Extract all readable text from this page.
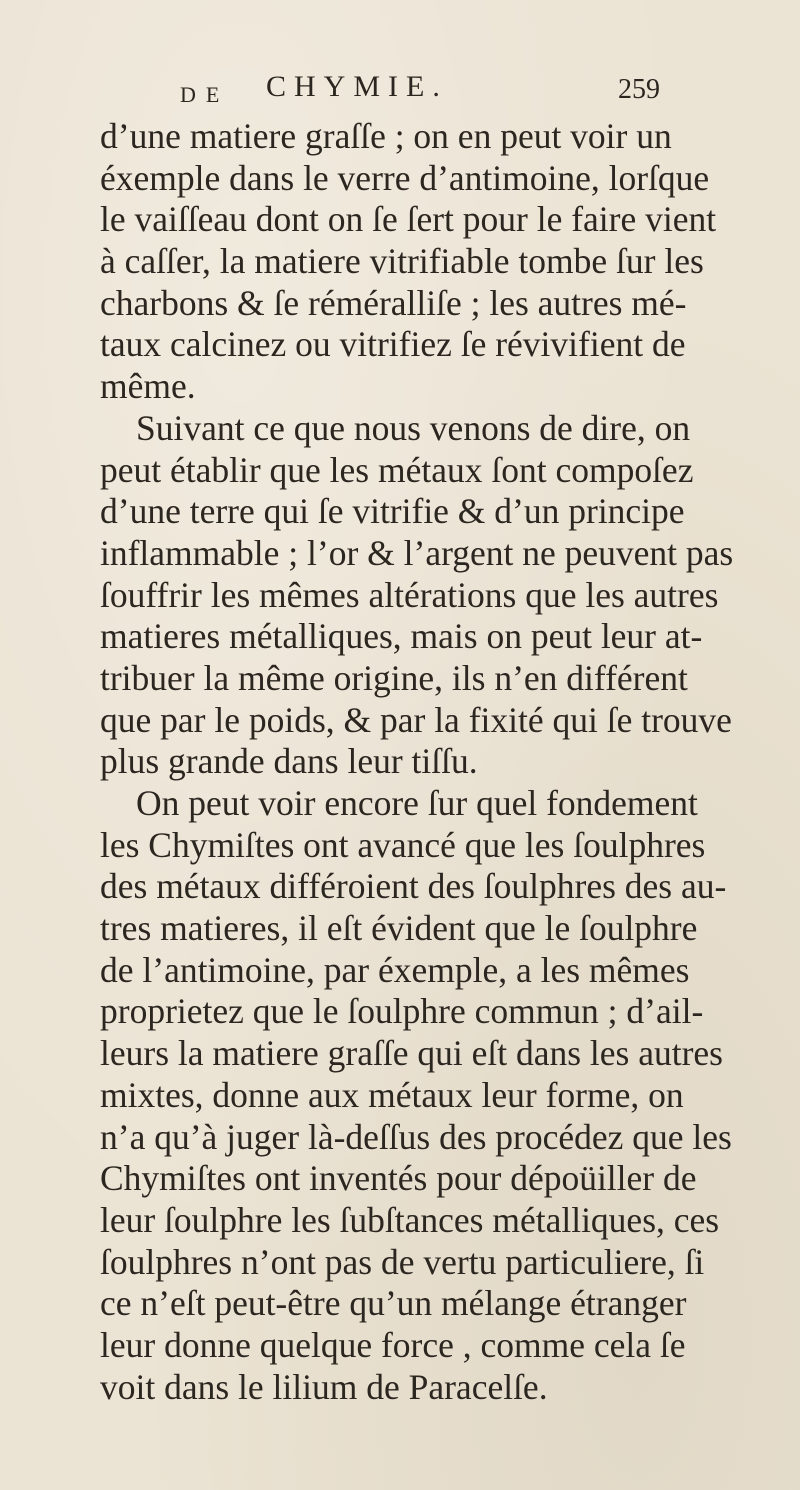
DE CHYMIE.	259
d’une matiere graſſe ; on en peut voir un
éxemple dans le verre d’antimoine, lorſque
le vaiſſeau dont on ſe ſert pour le faire vient
à caſſer, la matiere vitrifiable tombe ſur les
charbons & ſe réméralliſe ; les autres mé-
taux calcinez ou vitrifiez ſe révivifient de
même.
Suivant ce que nous venons de dire, on
peut établir que les métaux ſont compoſez
d’une terre qui ſe vitrifie & d’un principe
inflammable ; l’or & l’argent ne peuvent pas
ſouffrir les mêmes altérations que les autres
matieres métalliques, mais on peut leur at-
tribuer la même origine, ils n’en différent
que par le poids, & par la fixité qui ſe trouve
plus grande dans leur tiſſu.
On peut voir encore ſur quel fondement
les Chymiſtes ont avancé que les ſoulphres
des métaux différoient des ſoulphres des au-
tres matieres, il eſt évident que le ſoulphre
de l’antimoine, par éxemple, a les mêmes
proprietez que le ſoulphre commun ; d’ail-
leurs la matiere graſſe qui eſt dans les autres
mixtes, donne aux métaux leur forme, on
n’a qu’à juger là-deſſus des procédez que les
Chymiſtes ont inventés pour dépoüiller de
leur ſoulphre les ſubſtances métalliques, ces
ſoulphres n’ont pas de vertu particuliere, ſi
ce n’eſt peut-être qu’un mélange étranger
leur donne quelque force , comme cela ſe
voit dans le lilium de Paracelſe.
